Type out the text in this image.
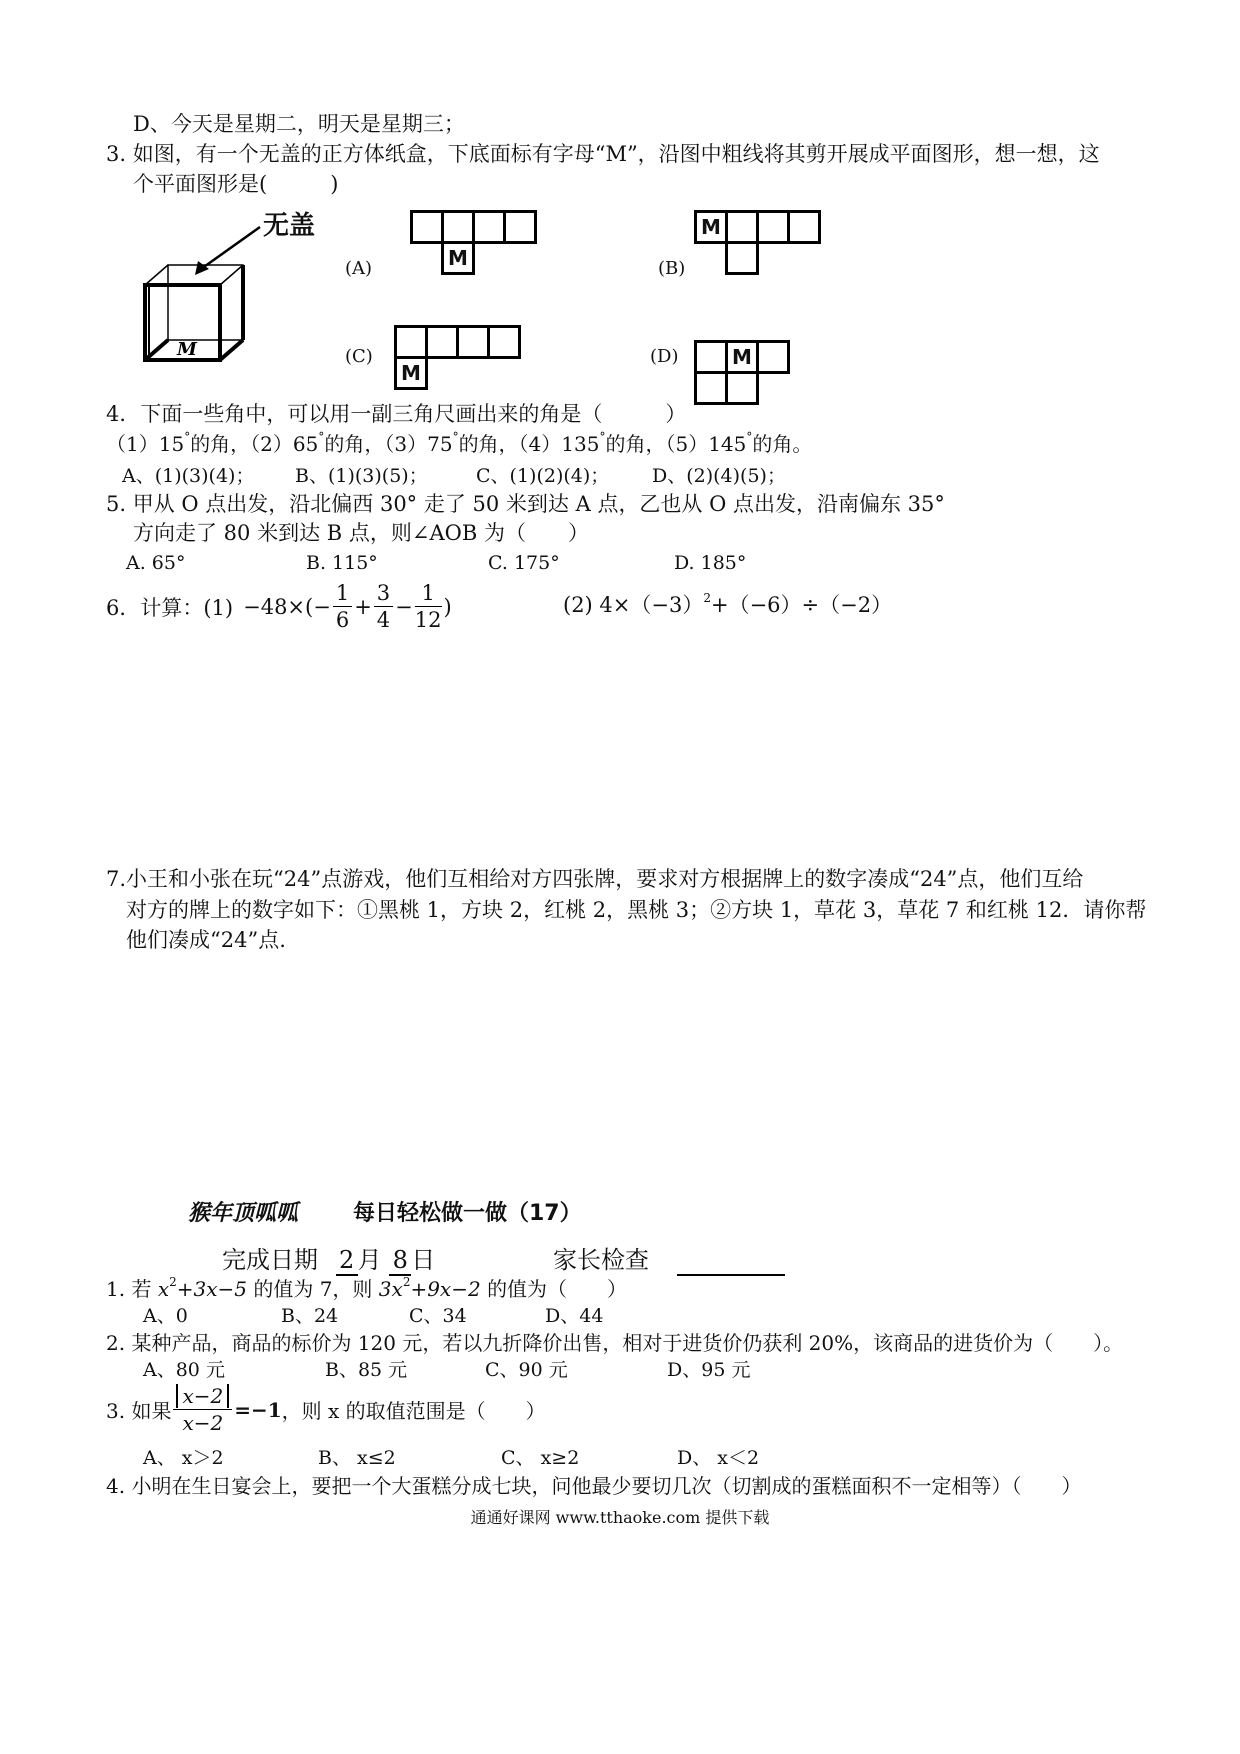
D、今天是星期二，明天是星期三；
3. 如图，有一个无盖的正方体纸盒，下底面标有字母“M”，沿图中粗线将其剪开展成平面图形，想一想，这
个平面图形是(　　　)
无盖
M
(A)	M	(B)
M
(C)
M
(D)	M
4．下面一些角中，可以用一副三角尺画出来的角是（　　　）
（1）15°的角，（2）65°的角，（3）75°的角，（4）135°的角，（5）145°的角。
A、(1)(3)(4)； B、(1)(3)(5)；	C、(1)(2)(4)； D、(2)(4)(5)；
5. 甲从 O 点出发，沿北偏西 30° 走了 50 米到达 A 点，乙也从 O 点出发，沿南偏东 35°
方向走了 80 米到达 B 点，则∠AOB 为（　　）
A. 65°	B. 115°	C. 175°	D. 185°
6．计算：$(1) -48\times(- \frac{1}{6} + \frac{3}{4} - \frac{1}{12}$ )	(2) $4\times(-3)^2+(-6)\div(-2)$
7.小王和小张在玩“24”点游戏，他们互相给对方四张牌，要求对方根据牌上的数字凑成“24”点，他们互给
对方的牌上的数字如下：①黑桃 1，方块 2，红桃 2，黑桃 3；②方块 1，草花 3，草花 7 和红桃 12．请你帮
他们凑成“24”点.
猴年顶呱呱 每日轻松做一做（17）
完成日期 2 月 8 日	家长检查
1. 若 $x^2+3x-5$ 的值为 7，则 $3x^2+9x-2$ 的值为（　　）
A、0	B、24	C、34	D、44
2. 某种产品，商品的标价为 120 元，若以九折降价出售，相对于进货价仍获利 20%，该商品的进货价为（　　）。
A、80 元	B、85 元	C、90 元	D、95 元
3. 如果 $\frac{x-2}{x-2} =-1$ ，则 x 的取值范围是（　　）
A、 x＞2	B、 x≤2	C、 x≥2	D、 x＜2
4. 小明在生日宴会上，要把一个大蛋糕分成七块，问他最少要切几次（切割成的蛋糕面积不一定相等）（　　）
通通好课网 www.tthaoke.com 提供下载
